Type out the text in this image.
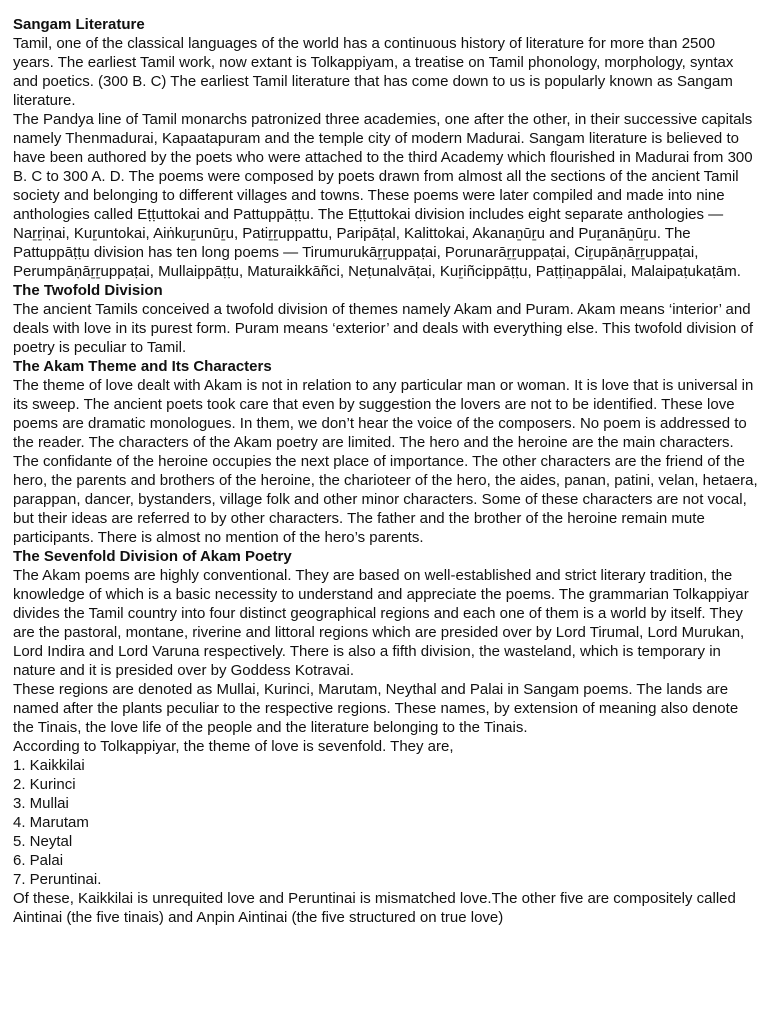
Sangam Literature

Tamil, one of the classical languages of the world has a continuous history of literature for more than 2500 years. The earliest Tamil work, now extant is Tolkappiyam, a treatise on Tamil phonology, morphology, syntax and poetics. (300 B. C) The earliest Tamil literature that has come down to us is popularly known as Sangam literature.

The Pandya line of Tamil monarchs patronized three academies, one after the other, in their successive capitals namely Thenmadurai, Kapaatapuram and the temple city of modern Madurai. Sangam literature is believed to have been authored by the poets who were attached to the third Academy which flourished in Madurai from 300 B. C to 300 A. D. The poems were composed by poets drawn from almost all the sections of the ancient Tamil society and belonging to different villages and towns. These poems were later compiled and made into nine anthologies called Eṭṭuttokai and Pattuppāṭṭu. The Eṭṭuttokai division includes eight separate anthologies — Naṟṟiṇai, Kuṟuntokai, Aiṅkuṟunūṟu, Patiṟṟuppattu, Paripāṭal, Kalittokai, Akanaṉūṟu and Puṟanāṉūṟu. The Pattuppāṭṭu division has ten long poems — Tirumurukāṟṟuppaṭai, Porunarāṟṟuppaṭai, Ciṟupāṇāṟṟuppaṭai, Perumpāṇāṟṟuppaṭai, Mullaippāṭṭu, Maturaikkāñci, Neṭunalvāṭai, Kuṟiñcippāṭṭu, Paṭṭiṉappālai, Malaipaṭukaṭām.

The Twofold Division

The ancient Tamils conceived a twofold division of themes namely Akam and Puram. Akam means ‘interior’ and deals with love in its purest form. Puram means ‘exterior’ and deals with everything else. This twofold division of poetry is peculiar to Tamil.

The Akam Theme and Its Characters

The theme of love dealt with Akam is not in relation to any particular man or woman. It is love that is universal in its sweep. The ancient poets took care that even by suggestion the lovers are not to be identified. These love poems are dramatic monologues. In them, we don’t hear the voice of the composers. No poem is addressed to the reader. The characters of the Akam poetry are limited. The hero and the heroine are the main characters. The confidante of the heroine occupies the next place of importance. The other characters are the friend of the hero, the parents and brothers of the heroine, the charioteer of the hero, the aides, panan, patini, velan, hetaera, parappan, dancer, bystanders, village folk and other minor characters. Some of these characters are not vocal, but their ideas are referred to by other characters. The father and the brother of the heroine remain mute participants. There is almost no mention of the hero’s parents.

The Sevenfold Division of Akam Poetry

The Akam poems are highly conventional. They are based on well-established and strict literary tradition, the knowledge of which is a basic necessity to understand and appreciate the poems. The grammarian Tolkappiyar divides the Tamil country into four distinct geographical regions and each one of them is a world by itself. They are the pastoral, montane, riverine and littoral regions which are presided over by Lord Tirumal, Lord Murukan, Lord Indira and Lord Varuna respectively. There is also a fifth division, the wasteland, which is temporary in nature and it is presided over by Goddess Kotravai.

These regions are denoted as Mullai, Kurinci, Marutam, Neythal and Palai in Sangam poems. The lands are named after the plants peculiar to the respective regions. These names, by extension of meaning also denote the Tinais, the love life of the people and the literature belonging to the Tinais.

According to Tolkappiyar, the theme of love is sevenfold. They are,

1. Kaikkilai
2. Kurinci
3. Mullai
4. Marutam
5. Neytal
6. Palai
7. Peruntinai.

Of these, Kaikkilai is unrequited love and Peruntinai is mismatched love.The other five are compositely called Aintinai (the five tinais) and Anpin Aintinai (the five structured on true love)
